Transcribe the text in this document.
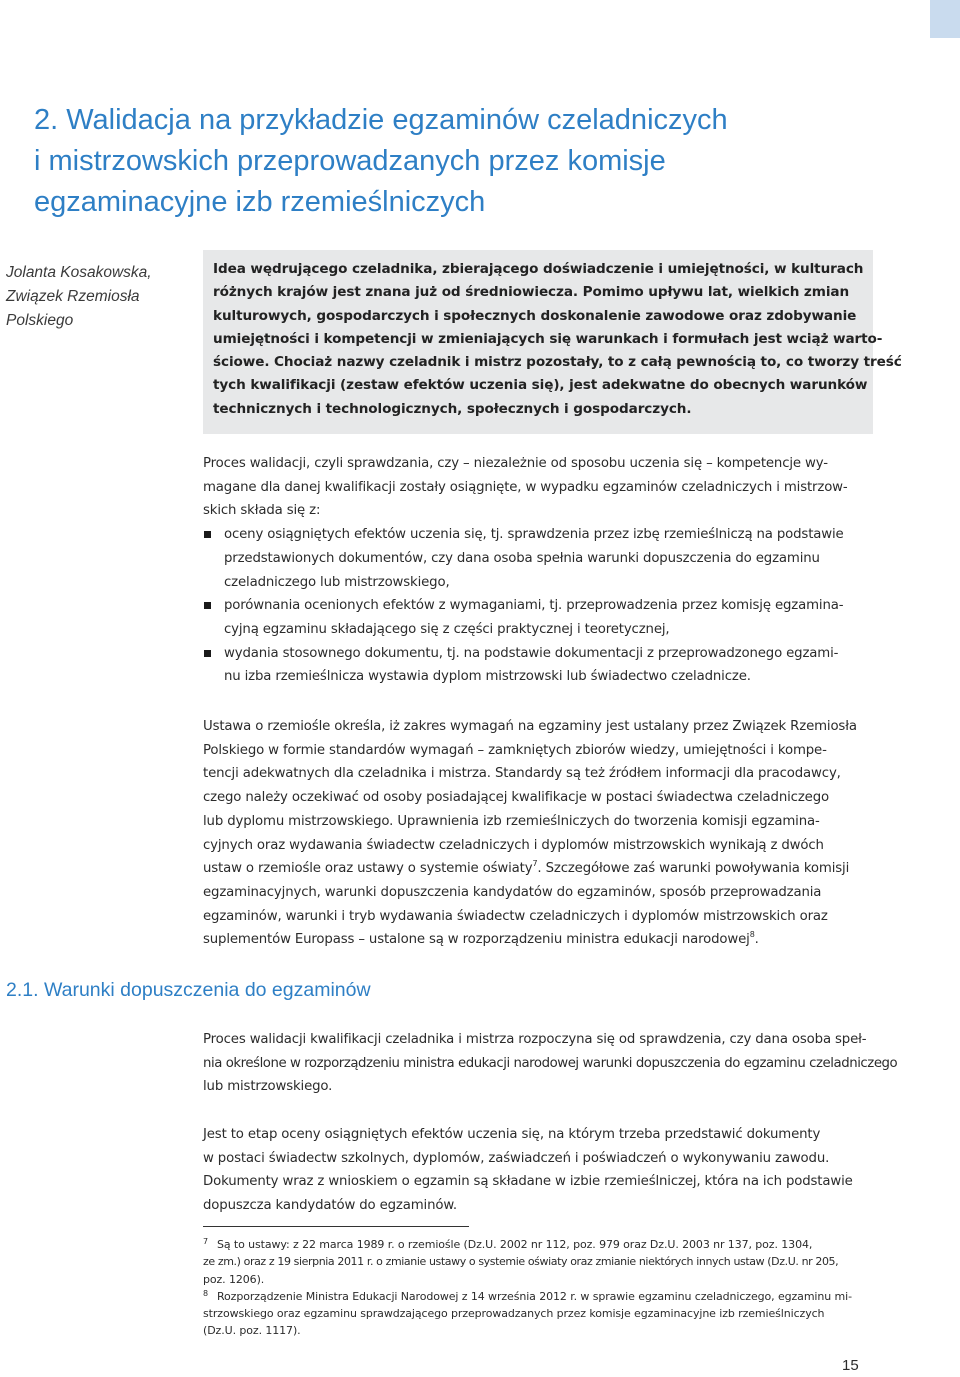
2. Walidacja na przykładzie egzaminów czeladniczych
i mistrzowskich przeprowadzanych przez komisje
egzaminacyjne izb rzemieślniczych
Jolanta Kosakowska,
Związek Rzemiosła
Polskiego
Idea wędrującego czeladnika, zbierającego doświadczenie i umiejętności, w kulturach
różnych krajów jest znana już od średniowiecza. Pomimo upływu lat, wielkich zmian
kulturowych, gospodarczych i społecznych doskonalenie zawodowe oraz zdobywanie
umiejętności i kompetencji w zmieniających się warunkach i formułach jest wciąż warto-
ściowe. Chociaż nazwy czeladnik i mistrz pozostały, to z całą pewnością to, co tworzy treść
tych kwalifikacji (zestaw efektów uczenia się), jest adekwatne do obecnych warunków
technicznych i technologicznych, społecznych i gospodarczych.
Proces walidacji, czyli sprawdzania, czy – niezależnie od sposobu uczenia się – kompetencje wy-
magane dla danej kwalifikacji zostały osiągnięte, w wypadku egzaminów czeladniczych i mistrzow-
skich składa się z:
oceny osiągniętych efektów uczenia się, tj. sprawdzenia przez izbę rzemieślniczą na podstawie
przedstawionych dokumentów, czy dana osoba spełnia warunki dopuszczenia do egzaminu
czeladniczego lub mistrzowskiego,
porównania ocenionych efektów z wymaganiami, tj. przeprowadzenia przez komisję egzamina-
cyjną egzaminu składającego się z części praktycznej i teoretycznej,
wydania stosownego dokumentu, tj. na podstawie dokumentacji z przeprowadzonego egzami-
nu izba rzemieślnicza wystawia dyplom mistrzowski lub świadectwo czeladnicze.
Ustawa o rzemiośle określa, iż zakres wymagań na egzaminy jest ustalany przez Związek Rzemiosła
Polskiego w formie standardów wymagań – zamkniętych zbiorów wiedzy, umiejętności i kompe-
tencji adekwatnych dla czeladnika i mistrza. Standardy są też źródłem informacji dla pracodawcy,
czego należy oczekiwać od osoby posiadającej kwalifikacje w postaci świadectwa czeladniczego
lub dyplomu mistrzowskiego. Uprawnienia izb rzemieślniczych do tworzenia komisji egzamina-
cyjnych oraz wydawania świadectw czeladniczych i dyplomów mistrzowskich wynikają z dwóch
ustaw o rzemiośle oraz ustawy o systemie oświaty$^7$. Szczegółowe zaś warunki powoływania komisji
egzaminacyjnych, warunki dopuszczenia kandydatów do egzaminów, sposób przeprowadzania
egzaminów, warunki i tryb wydawania świadectw czeladniczych i dyplomów mistrzowskich oraz
suplementów Europass – ustalone są w rozporządzeniu ministra edukacji narodowej$^8$.
2.1. Warunki dopuszczenia do egzaminów
Proces walidacji kwalifikacji czeladnika i mistrza rozpoczyna się od sprawdzenia, czy dana osoba speł-
nia określone w rozporządzeniu ministra edukacji narodowej warunki dopuszczenia do egzaminu czeladniczego
lub mistrzowskiego.
Jest to etap oceny osiągniętych efektów uczenia się, na którym trzeba przedstawić dokumenty
w postaci świadectw szkolnych, dyplomów, zaświadczeń i poświadczeń o wykonywaniu zawodu.
Dokumenty wraz z wnioskiem o egzamin są składane w izbie rzemieślniczej, która na ich podstawie
dopuszcza kandydatów do egzaminów.
7 Są to ustawy: z 22 marca 1989 r. o rzemiośle (Dz.U. 2002 nr 112, poz. 979 oraz Dz.U. 2003 nr 137, poz. 1304,
ze zm.) oraz z 19 sierpnia 2011 r. o zmianie ustawy o systemie oświaty oraz zmianie niektórych innych ustaw (Dz.U. nr 205,
poz. 1206).
8 Rozporządzenie Ministra Edukacji Narodowej z 14 września 2012 r. w sprawie egzaminu czeladniczego, egzaminu mi-
strzowskiego oraz egzaminu sprawdzającego przeprowadzanych przez komisje egzaminacyjne izb rzemieślniczych
(Dz.U. poz. 1117).
15
